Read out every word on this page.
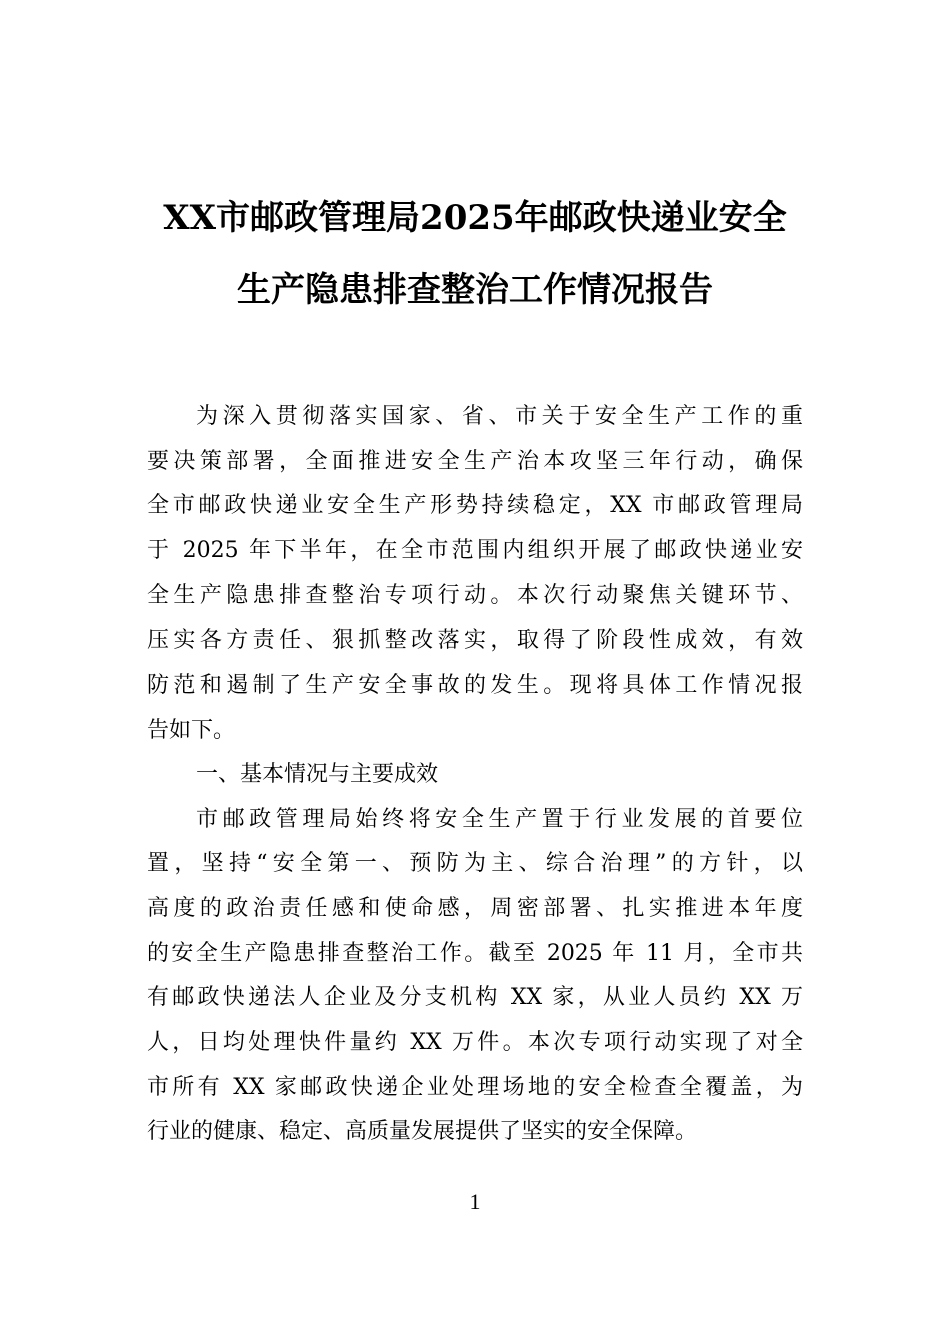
XX市邮政管理局2025年邮政快递业安全
生产隐患排查整治工作情况报告
为深入贯彻落实国家、省、市关于安全生产工作的重
要决策部署，全面推进安全生产治本攻坚三年行动，确保
全市邮政快递业安全生产形势持续稳定，XX 市邮政管理局
于 2025 年下半年，在全市范围内组织开展了邮政快递业安
全生产隐患排查整治专项行动。本次行动聚焦关键环节、
压实各方责任、狠抓整改落实，取得了阶段性成效，有效
防范和遏制了生产安全事故的发生。现将具体工作情况报
告如下。
一、基本情况与主要成效
市邮政管理局始终将安全生产置于行业发展的首要位
置，坚持“安全第一、预防为主、综合治理”的方针，以
高度的政治责任感和使命感，周密部署、扎实推进本年度
的安全生产隐患排查整治工作。截至 2025 年 11 月，全市共
有邮政快递法人企业及分支机构 XX 家，从业人员约 XX 万
人，日均处理快件量约 XX 万件。本次专项行动实现了对全
市所有 XX 家邮政快递企业处理场地的安全检查全覆盖，为
行业的健康、稳定、高质量发展提供了坚实的安全保障。
1
